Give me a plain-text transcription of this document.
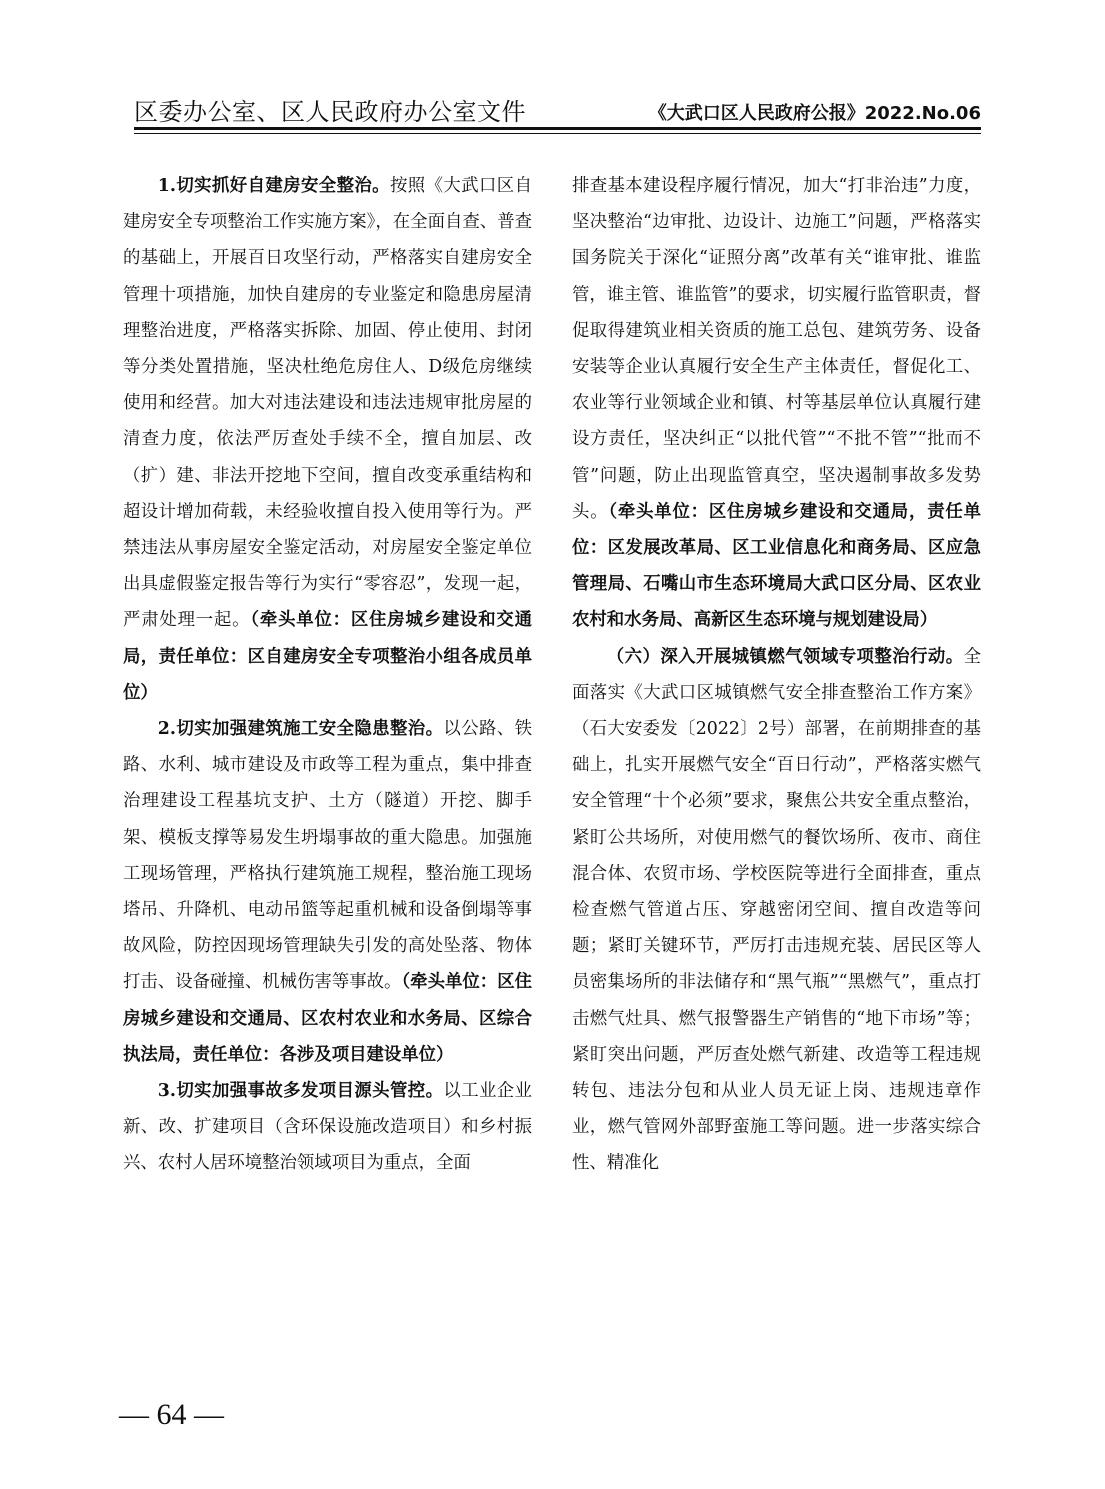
区委办公室、区人民政府办公室文件	《大武口区人民政府公报》2022.No.06

1.切实抓好自建房安全整治。按照《大武口区自建房安全专项整治工作实施方案》，在全面自查、普查的基础上，开展百日攻坚行动，严格落实自建房安全管理十项措施，加快自建房的专业鉴定和隐患房屋清理整治进度，严格落实拆除、加固、停止使用、封闭等分类处置措施，坚决杜绝危房住人、D级危房继续使用和经营。加大对违法建设和违法违规审批房屋的清查力度，依法严厉查处手续不全，擅自加层、改（扩）建、非法开挖地下空间，擅自改变承重结构和超设计增加荷载，未经验收擅自投入使用等行为。严禁违法从事房屋安全鉴定活动，对房屋安全鉴定单位出具虚假鉴定报告等行为实行“零容忍”，发现一起，严肃处理一起。（牵头单位：区住房城乡建设和交通局，责任单位：区自建房安全专项整治小组各成员单位）

2.切实加强建筑施工安全隐患整治。以公路、铁路、水利、城市建设及市政等工程为重点，集中排查治理建设工程基坑支护、土方（隧道）开挖、脚手架、模板支撑等易发生坍塌事故的重大隐患。加强施工现场管理，严格执行建筑施工规程，整治施工现场塔吊、升降机、电动吊篮等起重机械和设备倒塌等事故风险，防控因现场管理缺失引发的高处坠落、物体打击、设备碰撞、机械伤害等事故。（牵头单位：区住房城乡建设和交通局、区农村农业和水务局、区综合执法局，责任单位：各涉及项目建设单位）

3.切实加强事故多发项目源头管控。以工业企业新、改、扩建项目（含环保设施改造项目）和乡村振兴、农村人居环境整治领域项目为重点，全面

排查基本建设程序履行情况，加大“打非治违”力度，坚决整治“边审批、边设计、边施工”问题，严格落实国务院关于深化“证照分离”改革有关“谁审批、谁监管，谁主管、谁监管”的要求，切实履行监管职责，督促取得建筑业相关资质的施工总包、建筑劳务、设备安装等企业认真履行安全生产主体责任，督促化工、农业等行业领域企业和镇、村等基层单位认真履行建设方责任，坚决纠正“以批代管”“不批不管”“批而不管”问题，防止出现监管真空，坚决遏制事故多发势头。（牵头单位：区住房城乡建设和交通局，责任单位：区发展改革局、区工业信息化和商务局、区应急管理局、石嘴山市生态环境局大武口区分局、区农业农村和水务局、高新区生态环境与规划建设局）

（六）深入开展城镇燃气领域专项整治行动。全面落实《大武口区城镇燃气安全排查整治工作方案》（石大安委发〔2022〕2号）部署，在前期排查的基础上，扎实开展燃气安全“百日行动”，严格落实燃气安全管理“十个必须”要求，聚焦公共安全重点整治，紧盯公共场所，对使用燃气的餐饮场所、夜市、商住混合体、农贸市场、学校医院等进行全面排查，重点检查燃气管道占压、穿越密闭空间、擅自改造等问题；紧盯关键环节，严厉打击违规充装、居民区等人员密集场所的非法储存和“黑气瓶”“黑燃气”，重点打击燃气灶具、燃气报警器生产销售的“地下市场”等；紧盯突出问题，严厉查处燃气新建、改造等工程违规转包、违法分包和从业人员无证上岗、违规违章作业，燃气管网外部野蛮施工等问题。进一步落实综合性、精准化

— 64 —
